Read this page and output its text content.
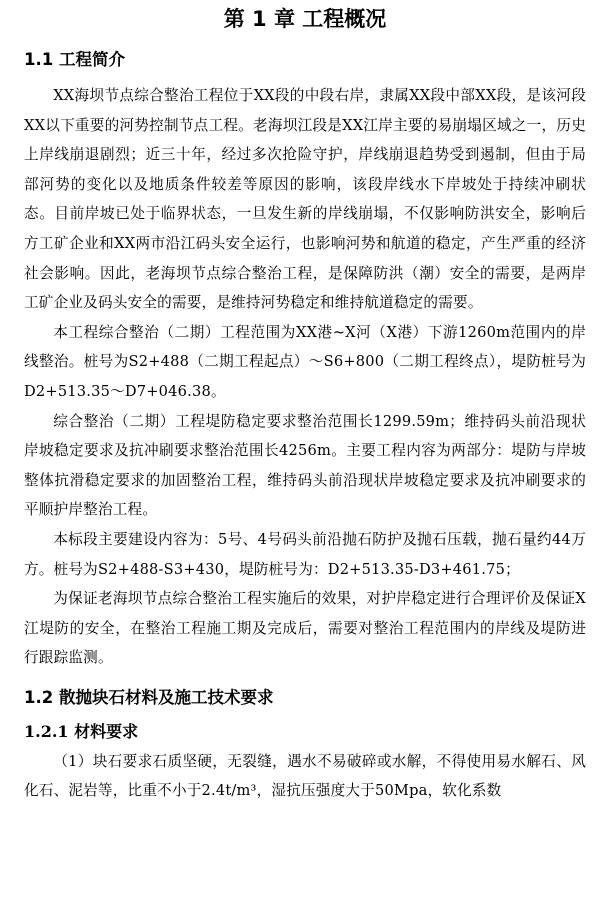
第 1 章 工程概况
1.1 工程简介

XX海坝节点综合整治工程位于XX段的中段右岸，隶属XX段中部XX段，是该河段XX以下重要的河势控制节点工程。老海坝江段是XX江岸主要的易崩塌区域之一，历史上岸线崩退剧烈；近三十年，经过多次抢险守护，岸线崩退趋势受到遏制，但由于局部河势的变化以及地质条件较差等原因的影响，该段岸线水下岸坡处于持续冲刷状态。目前岸坡已处于临界状态，一旦发生新的岸线崩塌，不仅影响防洪安全，影响后方工矿企业和XX两市沿江码头安全运行，也影响河势和航道的稳定，产生严重的经济社会影响。因此，老海坝节点综合整治工程，是保障防洪（潮）安全的需要，是两岸工矿企业及码头安全的需要，是维持河势稳定和维持航道稳定的需要。

本工程综合整治（二期）工程范围为XX港~X河（X港）下游1260m范围内的岸线整治。桩号为S2+488（二期工程起点）～S6+800（二期工程终点），堤防桩号为D2+513.35～D7+046.38。

综合整治（二期）工程堤防稳定要求整治范围长1299.59m；维持码头前沿现状岸坡稳定要求及抗冲刷要求整治范围长4256m。主要工程内容为两部分：堤防与岸坡整体抗滑稳定要求的加固整治工程，维持码头前沿现状岸坡稳定要求及抗冲刷要求的平顺护岸整治工程。

本标段主要建设内容为：5号、4号码头前沿抛石防护及抛石压载，抛石量约44万方。桩号为S2+488-S3+430，堤防桩号为：D2+513.35-D3+461.75；

为保证老海坝节点综合整治工程实施后的效果，对护岸稳定进行合理评价及保证X江堤防的安全，在整治工程施工期及完成后，需要对整治工程范围内的岸线及堤防进行跟踪监测。

1.2 散抛块石材料及施工技术要求
1.2.1 材料要求

（1）块石要求石质坚硬，无裂缝，遇水不易破碎或水解，不得使用易水解石、风化石、泥岩等，比重不小于2.4t/m³，湿抗压强度大于50Mpa，软化系数
